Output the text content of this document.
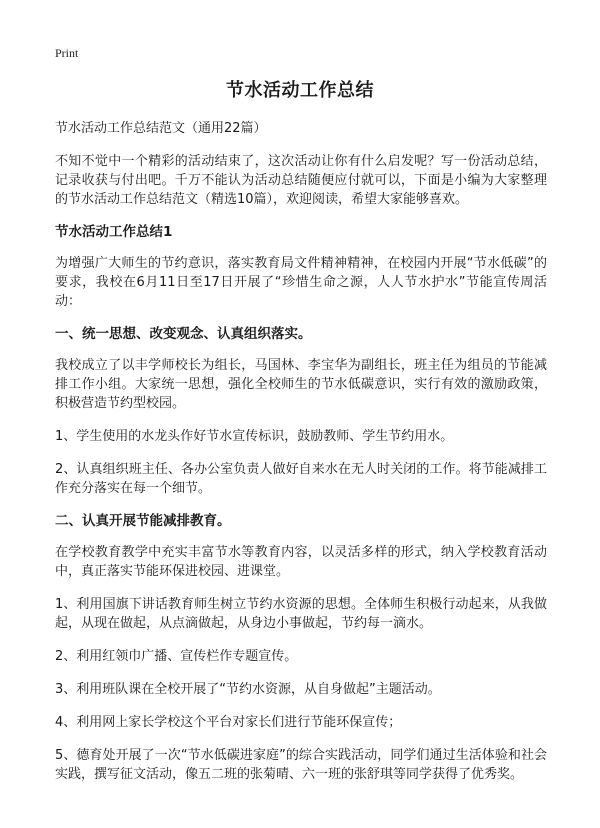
Print
节水活动工作总结

节水活动工作总结范文（通用22篇）

不知不觉中一个精彩的活动结束了，这次活动让你有什么启发呢？写一份活动总结，记录收获与付出吧。千万不能认为活动总结随便应付就可以，下面是小编为大家整理的节水活动工作总结范文（精选10篇），欢迎阅读，希望大家能够喜欢。

节水活动工作总结1

为增强广大师生的节约意识，落实教育局文件精神精神，在校园内开展“节水低碳”的要求，我校在6月11日至17日开展了“珍惜生命之源，人人节水护水”节能宣传周活动：

一、统一思想、改变观念、认真组织落实。

我校成立了以丰学师校长为组长，马国林、李宝华为副组长，班主任为组员的节能减排工作小组。大家统一思想，强化全校师生的节水低碳意识，实行有效的激励政策，积极营造节约型校园。

1、学生使用的水龙头作好节水宣传标识，鼓励教师、学生节约用水。

2、认真组织班主任、各办公室负责人做好自来水在无人时关闭的工作。将节能减排工作充分落实在每一个细节。

二、认真开展节能减排教育。

在学校教育教学中充实丰富节水等教育内容，以灵活多样的形式，纳入学校教育活动中，真正落实节能环保进校园、进课堂。

1、利用国旗下讲话教育师生树立节约水资源的思想。全体师生积极行动起来，从我做起，从现在做起，从点滴做起，从身边小事做起，节约每一滴水。

2、利用红领巾广播、宣传栏作专题宣传。

3、利用班队课在全校开展了“节约水资源，从自身做起”主题活动。

4、利用网上家长学校这个平台对家长们进行节能环保宣传；

5、德育处开展了一次“节水低碳进家庭”的综合实践活动，同学们通过生活体验和社会实践，撰写征文活动，像五二班的张菊晴、六一班的张舒琪等同学获得了优秀奖。
